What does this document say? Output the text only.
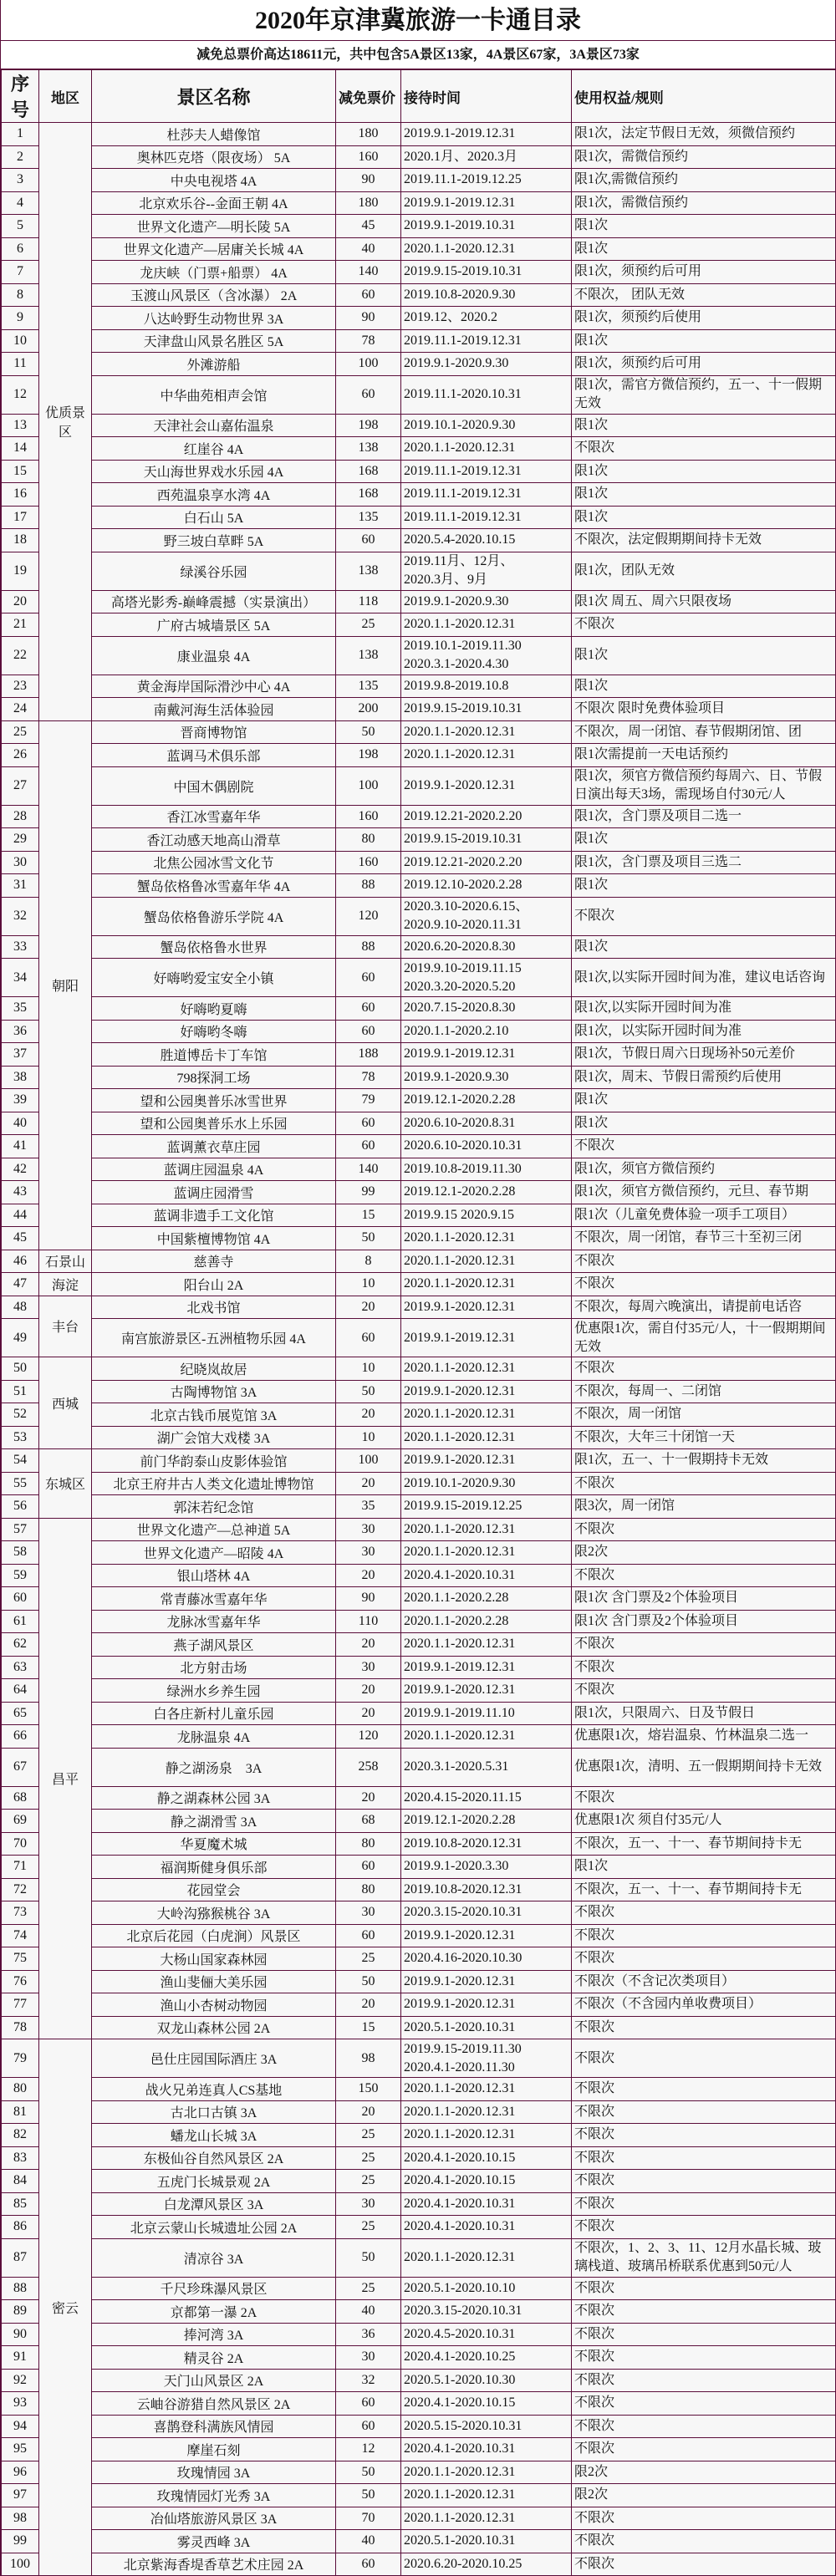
2020年京津冀旅游一卡通目录
减免总票价高达18611元，共中包含5A景区13家，4A景区67家，3A景区73家
序号	地区	景区名称	减免票价	接待时间	使用权益/规则
1	优质景区	杜莎夫人蜡像馆	180	2019.9.1-2019.12.31	限1次，法定节假日无效，须微信预约
2		奥林匹克塔（限夜场） 5A	160	2020.1月、2020.3月	限1次，需微信预约
3		中央电视塔 4A	90	2019.11.1-2019.12.25	限1次,需微信预约
4		北京欢乐谷--金面王朝 4A	180	2019.9.1-2019.12.31	限1次，需微信预约
5		世界文化遗产—明长陵 5A	45	2019.9.1-2019.10.31	限1次
6		世界文化遗产—居庸关长城 4A	40	2020.1.1-2020.12.31	限1次
7		龙庆峡（门票+船票） 4A	140	2019.9.15-2019.10.31	限1次，须预约后可用
8		玉渡山风景区（含冰瀑） 2A	60	2019.10.8-2020.9.30	不限次， 团队无效
9		八达岭野生动物世界 3A	90	2019.12、2020.2	限1次，须预约后使用
10		天津盘山风景名胜区 5A	78	2019.11.1-2019.12.31	限1次
11		外滩游船	100	2019.9.1-2020.9.30	限1次，须预约后可用
12		中华曲苑相声会馆	60	2019.11.1-2020.10.31	限1次，需官方微信预约，五一、十一假期无效
13		天津社会山嘉佑温泉	198	2019.10.1-2020.9.30	限1次
14		红崖谷 4A	138	2020.1.1-2020.12.31	不限次
15		天山海世界戏水乐园 4A	168	2019.11.1-2019.12.31	限1次
16		西苑温泉享水湾 4A	168	2019.11.1-2019.12.31	限1次
17		白石山 5A	135	2019.11.1-2019.12.31	限1次
18		野三坡白草畔 5A	60	2020.5.4-2020.10.15	不限次，法定假期期间持卡无效
19		绿溪谷乐园	138	2019.11月、12月、
2020.3月、9月	限1次，团队无效
20		高塔光影秀-巅峰震撼（实景演出）	118	2019.9.1-2020.9.30	限1次 周五、周六只限夜场
21		广府古城墙景区 5A	25	2020.1.1-2020.12.31	不限次
22		康业温泉 4A	138	2019.10.1-2019.11.30
2020.3.1-2020.4.30	限1次
23		黄金海岸国际滑沙中心 4A	135	2019.9.8-2019.10.8	限1次
24		南戴河海生活体验园	200	2019.9.15-2019.10.31	不限次 限时免费体验项目
25	朝阳	晋商博物馆	50	2020.1.1-2020.12.31	不限次，周一闭馆、春节假期闭馆、团
26		蓝调马术俱乐部	198	2020.1.1-2020.12.31	限1次需提前一天电话预约
27		中国木偶剧院	100	2019.9.1-2020.12.31	限1次，须官方微信预约每周六、日、节假日演出每天3场，需现场自付30元/人
28		香江冰雪嘉年华	160	2019.12.21-2020.2.20	限1次，含门票及项目二选一
29		香江动感天地高山滑草	80	2019.9.15-2019.10.31	限1次
30		北焦公园冰雪文化节	160	2019.12.21-2020.2.20	限1次，含门票及项目三选二
31		蟹岛依格鲁冰雪嘉年华 4A	88	2019.12.10-2020.2.28	限1次
32		蟹岛依格鲁游乐学院 4A	120	2020.3.10-2020.6.15、
2020.9.10-2020.11.31	不限次
33		蟹岛依格鲁水世界	88	2020.6.20-2020.8.30	限1次
34		好嗨哟爱宝安全小镇	60	2019.9.10-2019.11.15
2020.3.20-2020.5.20	限1次,以实际开园时间为准，建议电话咨询
35		好嗨哟夏嗨	60	2020.7.15-2020.8.30	限1次,以实际开园时间为准
36		好嗨哟冬嗨	60	2020.1.1-2020.2.10	限1次，以实际开园时间为准
37		胜道博岳卡丁车馆	188	2019.9.1-2019.12.31	限1次，节假日周六日现场补50元差价
38		798探洞工场	78	2019.9.1-2020.9.30	限1次，周末、节假日需预约后使用
39		望和公园奥普乐冰雪世界	79	2019.12.1-2020.2.28	限1次
40		望和公园奥普乐水上乐园	60	2020.6.10-2020.8.31	限1次
41		蓝调薰衣草庄园	60	2020.6.10-2020.10.31	不限次
42		蓝调庄园温泉 4A	140	2019.10.8-2019.11.30	限1次，须官方微信预约
43		蓝调庄园滑雪	99	2019.12.1-2020.2.28	限1次，须官方微信预约，元旦、春节期
44		蓝调非遗手工文化馆	15	2019.9.15 2020.9.15	限1次（儿童免费体验一项手工项目）
45		中国紫檀博物馆 4A	50	2020.1.1-2020.12.31	不限次，周一闭馆，春节三十至初三闭
46	石景山	慈善寺	8	2020.1.1-2020.12.31	不限次
47	海淀	阳台山 2A	10	2020.1.1-2020.12.31	不限次
48	丰台	北戏书馆	20	2019.9.1-2020.12.31	不限次，每周六晚演出，请提前电话咨
49		南宫旅游景区-五洲植物乐园 4A	60	2019.9.1-2019.12.31	优惠限1次，需自付35元/人，十一假期期间无效
50	西城	纪晓岚故居	10	2020.1.1-2020.12.31	不限次
51		古陶博物馆 3A	50	2019.9.1-2020.12.31	不限次，每周一、二闭馆
52		北京古钱币展览馆 3A	20	2020.1.1-2020.12.31	不限次，周一闭馆
53		湖广会馆大戏楼 3A	10	2020.1.1-2020.12.31	不限次，大年三十闭馆一天
54	东城区	前门华韵泰山皮影体验馆	100	2019.9.1-2020.12.31	限1次，五一、十一假期持卡无效
55		北京王府井古人类文化遗址博物馆	20	2019.10.1-2020.9.30	不限次
56		郭沫若纪念馆	35	2019.9.15-2019.12.25	限3次，周一闭馆
57	昌平	世界文化遗产—总神道 5A	30	2020.1.1-2020.12.31	不限次
58		世界文化遗产—昭陵 4A	30	2020.1.1-2020.12.31	限2次
59		银山塔林 4A	20	2020.4.1-2020.10.31	不限次
60		常青藤冰雪嘉年华	90	2020.1.1-2020.2.28	限1次 含门票及2个体验项目
61		龙脉冰雪嘉年华	110	2020.1.1-2020.2.28	限1次 含门票及2个体验项目
62		燕子湖风景区	20	2020.1.1-2020.12.31	不限次
63		北方射击场	30	2019.9.1-2019.12.31	不限次
64		绿洲水乡养生园	20	2019.9.1-2020.12.31	不限次
65		白各庄新村儿童乐园	20	2019.9.1-2019.11.10	限1次，只限周六、日及节假日
66		龙脉温泉 4A	120	2020.1.1-2020.12.31	优惠限1次，熔岩温泉、竹林温泉二选一
67		静之湖汤泉　3A	258	2020.3.1-2020.5.31	优惠限1次，清明、五一假期期间持卡无效
68		静之湖森林公园 3A	20	2020.4.15-2020.11.15	不限次
69		静之湖滑雪 3A	68	2019.12.1-2020.2.28	优惠限1次 须自付35元/人
70		华夏魔术城	80	2019.10.8-2020.12.31	不限次，五一、十一、春节期间持卡无
71		福润斯健身俱乐部	60	2019.9.1-2020.3.30	限1次
72		花园堂会	80	2019.10.8-2020.12.31	不限次，五一、十一、春节期间持卡无
73		大岭沟猕猴桃谷 3A	30	2020.3.15-2020.10.31	不限次
74		北京后花园（白虎涧）风景区	60	2019.9.1-2020.12.31	不限次
75		大杨山国家森林园	25	2020.4.16-2020.10.30	不限次
76		渔山斐俪大美乐园	50	2019.9.1-2020.12.31	不限次（不含记次类项目）
77		渔山小杏树动物园	20	2019.9.1-2020.12.31	不限次（不含园内单收费项目）
78		双龙山森林公园 2A	15	2020.5.1-2020.10.31	不限次
79	密云	邑仕庄园国际酒庄 3A	98	2019.9.15-2019.11.30
2020.4.1-2020.11.30	不限次
80		战火兄弟连真人CS基地	150	2020.1.1-2020.12.31	不限次
81		古北口古镇 3A	20	2020.1.1-2020.12.31	不限次
82		蟠龙山长城 3A	25	2020.1.1-2020.12.31	不限次
83		东极仙谷自然风景区 2A	25	2020.4.1-2020.10.15	不限次
84		五虎门长城景观 2A	25	2020.4.1-2020.10.15	不限次
85		白龙潭风景区 3A	30	2020.4.1-2020.10.31	不限次
86		北京云蒙山长城遗址公园 2A	25	2020.4.1-2020.10.31	不限次
87		清凉谷 3A	50	2020.1.1-2020.12.31	不限次，1、2、3、11、12月水晶长城、玻璃栈道、玻璃吊桥联系优惠到50元/人
88		千尺珍珠瀑风景区	25	2020.5.1-2020.10.10	不限次
89		京都第一瀑 2A	40	2020.3.15-2020.10.31	不限次
90		捧河湾 3A	36	2020.4.5-2020.10.31	不限次
91		精灵谷 2A	30	2020.4.1-2020.10.25	不限次
92		天门山风景区 2A	32	2020.5.1-2020.10.30	不限次
93		云岫谷游猎自然风景区 2A	60	2020.4.1-2020.10.15	不限次
94		喜鹊登科满族风情园	60	2020.5.15-2020.10.31	不限次
95		摩崖石刻	12	2020.4.1-2020.10.31	不限次
96		玫瑰情园 3A	50	2020.1.1-2020.12.31	限2次
97		玫瑰情园灯光秀 3A	50	2020.1.1-2020.12.31	限2次
98		冶仙塔旅游风景区 3A	70	2020.1.1-2020.12.31	不限次
99		雾灵西峰 3A	40	2020.5.1-2020.10.31	不限次
100		北京紫海香堤香草艺术庄园 2A	60	2020.6.20-2020.10.25	不限次
